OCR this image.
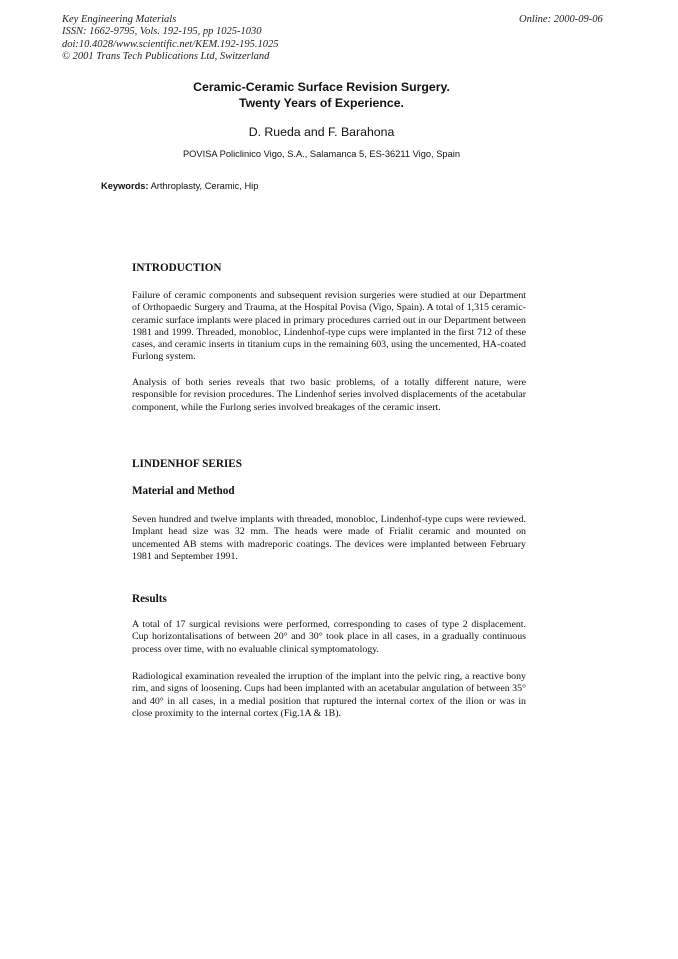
Key Engineering Materials
ISSN: 1662-9795, Vols. 192-195, pp 1025-1030
doi:10.4028/www.scientific.net/KEM.192-195.1025
© 2001 Trans Tech Publications Ltd, Switzerland
Online: 2000-09-06
Ceramic-Ceramic Surface Revision Surgery.
Twenty Years of Experience.
D. Rueda and F. Barahona
POVISA Policlinico Vigo, S.A., Salamanca 5, ES-36211 Vigo, Spain
Keywords: Arthroplasty, Ceramic, Hip
INTRODUCTION
Failure of ceramic components and subsequent revision surgeries were studied at our Department of Orthopaedic Surgery and Trauma, at the Hospital Povisa (Vigo, Spain). A total of 1,315 ceramic-ceramic surface implants were placed in primary procedures carried out in our Department between 1981 and 1999. Threaded, monobloc, Lindenhof-type cups were implanted in the first 712 of these cases, and ceramic inserts in titanium cups in the remaining 603, using the uncemented, HA-coated Furlong system.
Analysis of both series reveals that two basic problems, of a totally different nature, were responsible for revision procedures. The Lindenhof series involved displacements of the acetabular component, while the Furlong series involved breakages of the ceramic insert.
LINDENHOF SERIES
Material and Method
Seven hundred and twelve implants with threaded, monobloc, Lindenhof-type cups were reviewed. Implant head size was 32 mm. The heads were made of Frialit ceramic and mounted on uncemented AB stems with madreporic coatings. The devices were implanted between February 1981 and September 1991.
Results
A total of 17 surgical revisions were performed, corresponding to cases of type 2 displacement. Cup horizontalisations of between 20° and 30° took place in all cases, in a gradually continuous process over time, with no evaluable clinical symptomatology.
Radiological examination revealed the irruption of the implant into the pelvic ring, a reactive bony rim, and signs of loosening. Cups had been implanted with an acetabular angulation of between 35° and 40° in all cases, in a medial position that ruptured the internal cortex of the ilion or was in close proximity to the internal cortex (Fig.1A & 1B).
